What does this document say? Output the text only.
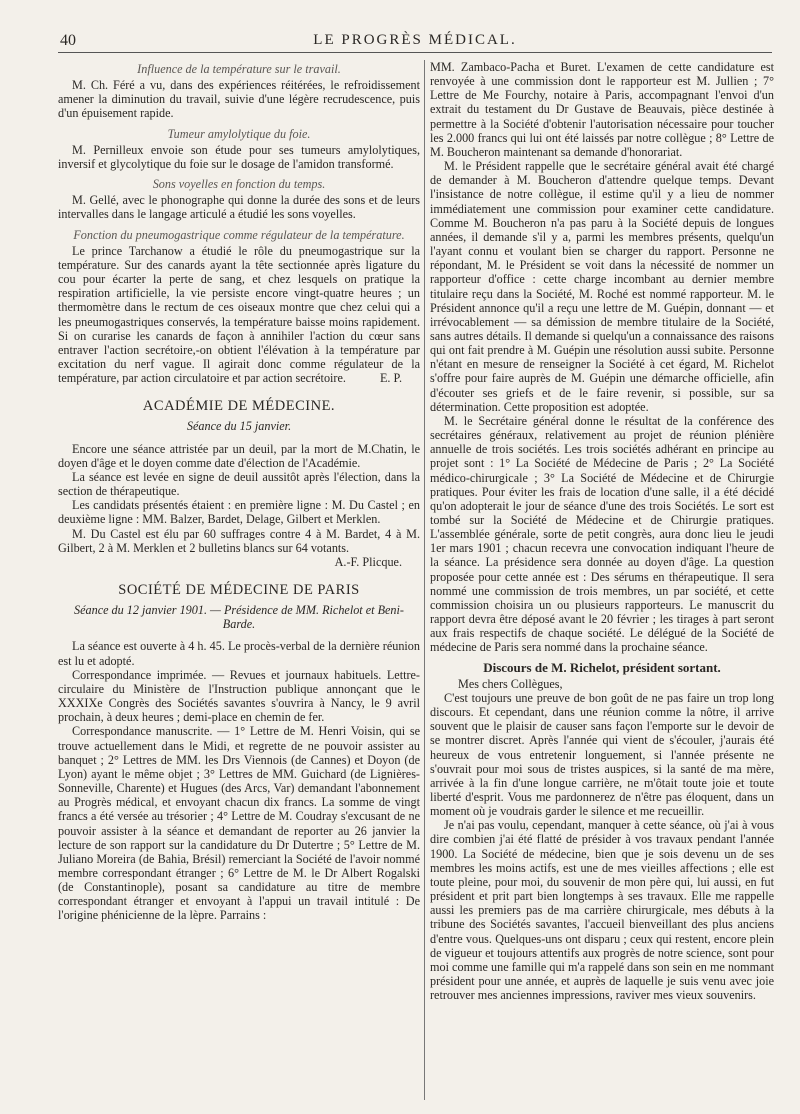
40	LE PROGRÈS MÉDICAL.

Influence de la température sur le travail.

M. Ch. Féré a vu, dans des expériences réitérées, le refroidissement amener la diminution du travail, suivie d'une légère recrudescence, puis d'un épuisement rapide.

Tumeur amylolytique du foie.

M. Pernilleux envoie son étude pour ses tumeurs amylolytiques, inversif et glycolytique du foie sur le dosage de l'amidon transformé.

Sons voyelles en fonction du temps.

M. Gellé, avec le phonographe qui donne la durée des sons et de leurs intervalles dans le langage articulé a étudié les sons voyelles.

Fonction du pneumogastrique comme régulateur de la température.

Le prince Tarchanow a étudié le rôle du pneumogastrique sur la température. Sur des canards ayant la tête sectionnée après ligature du cou pour écarter la perte de sang, et chez lesquels on pratique la respiration artificielle, la vie persiste encore vingt-quatre heures ; un thermomètre dans le rectum de ces oiseaux montre que chez celui qui a les pneumogastriques conservés, la température baisse moins rapidement. Si on curarise les canards de façon à annihiler l'action du cœur sans entraver l'action secrétoire,-on obtient l'élévation à la température par excitation du nerf vague. Il agirait donc comme régulateur de la température, par action circulatoire et par action secrétoire.	E. P.

ACADÉMIE DE MÉDECINE.

Séance du 15 janvier.

Encore une séance attristée par un deuil, par la mort de M.Chatin, le doyen d'âge et le doyen comme date d'élection de l'Académie.

La séance est levée en signe de deuil aussitôt après l'élection, dans la section de thérapeutique.

Les candidats présentés étaient : en première ligne : M. Du Castel ; en deuxième ligne : MM. Balzer, Bardet, Delage, Gilbert et Merklen.

M. Du Castel est élu par 60 suffrages contre 4 à M. Bardet, 4 à M. Gilbert, 2 à M. Merklen et 2 bulletins blancs sur 64 votants.
A.-F. Plicque.

SOCIÉTÉ DE MÉDECINE DE PARIS

Séance du 12 janvier 1901. — Présidence de MM. Richelot et Beni-Barde.

La séance est ouverte à 4 h. 45. Le procès-verbal de la dernière réunion est lu et adopté.

Correspondance imprimée. — Revues et journaux habituels. Lettre-circulaire du Ministère de l'Instruction publique annonçant que le XXXIXe Congrès des Sociétés savantes s'ouvrira à Nancy, le 9 avril prochain, à deux heures ; demi-place en chemin de fer.

Correspondance manuscrite. — 1° Lettre de M. Henri Voisin, qui se trouve actuellement dans le Midi, et regrette de ne pouvoir assister au banquet ; 2° Lettres de MM. les Drs Viennois (de Cannes) et Doyon (de Lyon) ayant le même objet ; 3° Lettres de MM. Guichard (de Lignières-Sonneville, Charente) et Hugues (des Arcs, Var) demandant l'abonnement au Progrès médical, et envoyant chacun dix francs. La somme de vingt francs a été versée au trésorier ; 4° Lettre de M. Coudray s'excusant de ne pouvoir assister à la séance et demandant de reporter au 26 janvier la lecture de son rapport sur la candidature du Dr Dutertre ; 5° Lettre de M. Juliano Moreira (de Bahia, Brésil) remerciant la Société de l'avoir nommé membre correspondant étranger ; 6° Lettre de M. le Dr Albert Rogalski (de Constantinople), posant sa candidature au titre de membre correspondant étranger et envoyant à l'appui un travail intitulé : De l'origine phénicienne de la lèpre. Parrains :

MM. Zambaco-Pacha et Buret. L'examen de cette candidature est renvoyée à une commission dont le rapporteur est M. Jullien ; 7° Lettre de Me Fourchy, notaire à Paris, accompagnant l'envoi d'un extrait du testament du Dr Gustave de Beauvais, pièce destinée à permettre à la Société d'obtenir l'autorisation nécessaire pour toucher les 2.000 francs qui lui ont été laissés par notre collègue ; 8° Lettre de M. Boucheron maintenant sa demande d'honorariat.

M. le Président rappelle que le secrétaire général avait été chargé de demander à M. Boucheron d'attendre quelque temps. Devant l'insistance de notre collègue, il estime qu'il y a lieu de nommer immédiatement une commission pour examiner cette candidature. Comme M. Boucheron n'a pas paru à la Société depuis de longues années, il demande s'il y a, parmi les membres présents, quelqu'un l'ayant connu et voulant bien se charger du rapport. Personne ne répondant, M. le Président se voit dans la nécessité de nommer un rapporteur d'office : cette charge incombant au dernier membre titulaire reçu dans la Société, M. Roché est nommé rapporteur. M. le Président annonce qu'il a reçu une lettre de M. Guépin, donnant — et irrévocablement — sa démission de membre titulaire de la Société, sans autres détails. Il demande si quelqu'un a connaissance des raisons qui ont fait prendre à M. Guépin une résolution aussi subite. Personne n'étant en mesure de renseigner la Société à cet égard, M. Richelot s'offre pour faire auprès de M. Guépin une démarche officielle, afin d'écouter ses griefs et de le faire revenir, si possible, sur sa détermination. Cette proposition est adoptée.

M. le Secrétaire général donne le résultat de la conférence des secrétaires généraux, relativement au projet de réunion plénière annuelle de trois sociétés. Les trois sociétés adhérant en principe au projet sont : 1° La Société de Médecine de Paris ; 2° La Société médico-chirurgicale ; 3° La Société de Médecine et de Chirurgie pratiques. Pour éviter les frais de location d'une salle, il a été décidé qu'on adopterait le jour de séance d'une des trois Sociétés. Le sort est tombé sur la Société de Médecine et de Chirurgie pratiques. L'assemblée générale, sorte de petit congrès, aura donc lieu le jeudi 1er mars 1901 ; chacun recevra une convocation indiquant l'heure de la séance. La présidence sera donnée au doyen d'âge. La question proposée pour cette année est : Des sérums en thérapeutique. Il sera nommé une commission de trois membres, un par société, et cette commission choisira un ou plusieurs rapporteurs. Le manuscrit du rapport devra être déposé avant le 20 février ; les tirages à part seront aux frais respectifs de chaque société. Le délégué de la Société de médecine de Paris sera nommé dans la prochaine séance.

Discours de M. Richelot, président sortant.

Mes chers Collègues,

C'est toujours une preuve de bon goût de ne pas faire un trop long discours. Et cependant, dans une réunion comme la nôtre, il arrive souvent que le plaisir de causer sans façon l'emporte sur le devoir de se montrer discret. Après l'année qui vient de s'écouler, j'aurais été heureux de vous entretenir longuement, si l'année présente ne s'ouvrait pour moi sous de tristes auspices, si la santé de ma mère, arrivée à la fin d'une longue carrière, ne m'ôtait toute joie et toute liberté d'esprit. Vous me pardonnerez de n'être pas éloquent, dans un moment où je voudrais garder le silence et me recueillir.

Je n'ai pas voulu, cependant, manquer à cette séance, où j'ai à vous dire combien j'ai été flatté de présider à vos travaux pendant l'année 1900. La Société de médecine, bien que je sois devenu un de ses membres les moins actifs, est une de mes vieilles affections ; elle est toute pleine, pour moi, du souvenir de mon père qui, lui aussi, en fut président et prit part bien longtemps à ses travaux. Elle me rappelle aussi les premiers pas de ma carrière chirurgicale, mes débuts à la tribune des Sociétés savantes, l'accueil bienveillant des plus anciens d'entre vous. Quelques-uns ont disparu ; ceux qui restent, encore plein de vigueur et toujours attentifs aux progrès de notre science, sont pour moi comme une famille qui m'a rappelé dans son sein en me nommant président pour une année, et auprès de laquelle je suis venu avec joie retrouver mes anciennes impressions, raviver mes vieux souvenirs.
